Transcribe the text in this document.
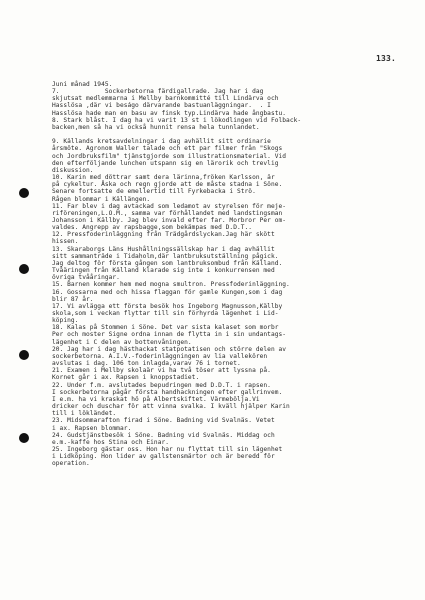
133.
Juni månad 1945.
7.            Sockerbetorna färdigallrade. Jag har i dag
skjutsat medlemmarna i Mellby barnkommitté till Lindärva och
Hasslösa ,där vi beságo därvarande bastuanläggningar.  . I
Hasslösa hade man en basu av finsk typ.Lindärva hade ångbastu.
8. Stark blåst. I dag ha vi varit 13 st i lökodlingen vid Folback-
backen,men så ha vi också hunnit rensa hela tunnlandet.
9. Källands kretsavdelningar i dag avhällit sitt ordinarie
årsmöte. Agronom Waller talade och ett par filmer från "Skogs
och Jordbruksfilm" tjänstgjorde som illustrationsmaterial. Vid
den efterföljande lunchen utspann sig en lärorik och trevlig
diskussion.
10. Karin med döttrar samt dera lärinna,fröken Karlsson, är
på cykeltur. Åska och regn gjorde att de måste stadna i Söne.
Senare fortsatte de emellertid till Fyrkebacka i Strö.
Rågen blommar i Källängen.
11. Far blev i dag avtackad som ledamot av styrelsen för meje-
riföreningen,L.O.M., samma var förhållandet med landstingsman
Johansson i Källby. Jag blev invald efter far. Morbror Per om-
valdes. Angrepp av rapsbagge,som bekämpas med D.D.T..
12. Pressfoderinläggning från Trädgårdslyckan.Jag här skött
hissen.
13. Skaraborgs Läns Hushållningssällskap har i dag avhällit
sitt sammanträde i Tidaholm,där lantbruksutställning pågick.
Jag deltog för första gången som lantbruksombud från Källand.
Tvåäringen från Källand klarade sig inte i konkurrensen med
övriga tvååringar.
15. Barnen kommer hem med mogna smultron. Pressfoderinläggning.
16. Gossarna med och hissa flaggan för gamle Kungen,som i dag
blir 87 år.
17. Vi avlägga ett första besök hos Ingeborg Magnusson,Källby
skola,som i veckan flyttar till sin förhyrda lägenhet i Lid-
köping.
18. Kalas på Stommen i Söne. Det var sista kalaset som morbr
Per och moster Signe ordna innan de flytta in i sin undantags-
lägenhet i C delen av bottenvåningen.
20. Jag har i dag hästhackat statpotatisen och större delen av
sockerbetorna. A.I.V.-foderinläggningen av lia vallekören
avslutas i dag. 106 ton inlagda,varav 76 i tornet.
21. Examen i Mellby skolaär vi ha två töser att lyssna på.
Kornet går i ax. Rapsen i knoppstadiet.
22. Under f.m. avslutades bepudringen med D.D.T. i rapsen.
I sockerbetorna pågår första handhackningen efter gallrinvem.
I e.m. ha vi kraskat hö på Albertskiftet. Värmebölja.Vi
dricker och duschar för att vinna svalka. I kväll hjälper Karin
till i lökländet.
23. Midsommarafton firad i Söne. Badning vid Svalnäs. Vetet
i ax. Rapsen blommar.
24. Gudstjänstbesök i Söne. Badning vid Svalnäs. Middag och
e.m.-kaffe hos Stina och Einar.
25. Ingeborg gästar oss. Hon har nu flyttat till sin lägenhet
i Lidköping. Hon lider av gallstensmärtor och är beredd för
operation.
